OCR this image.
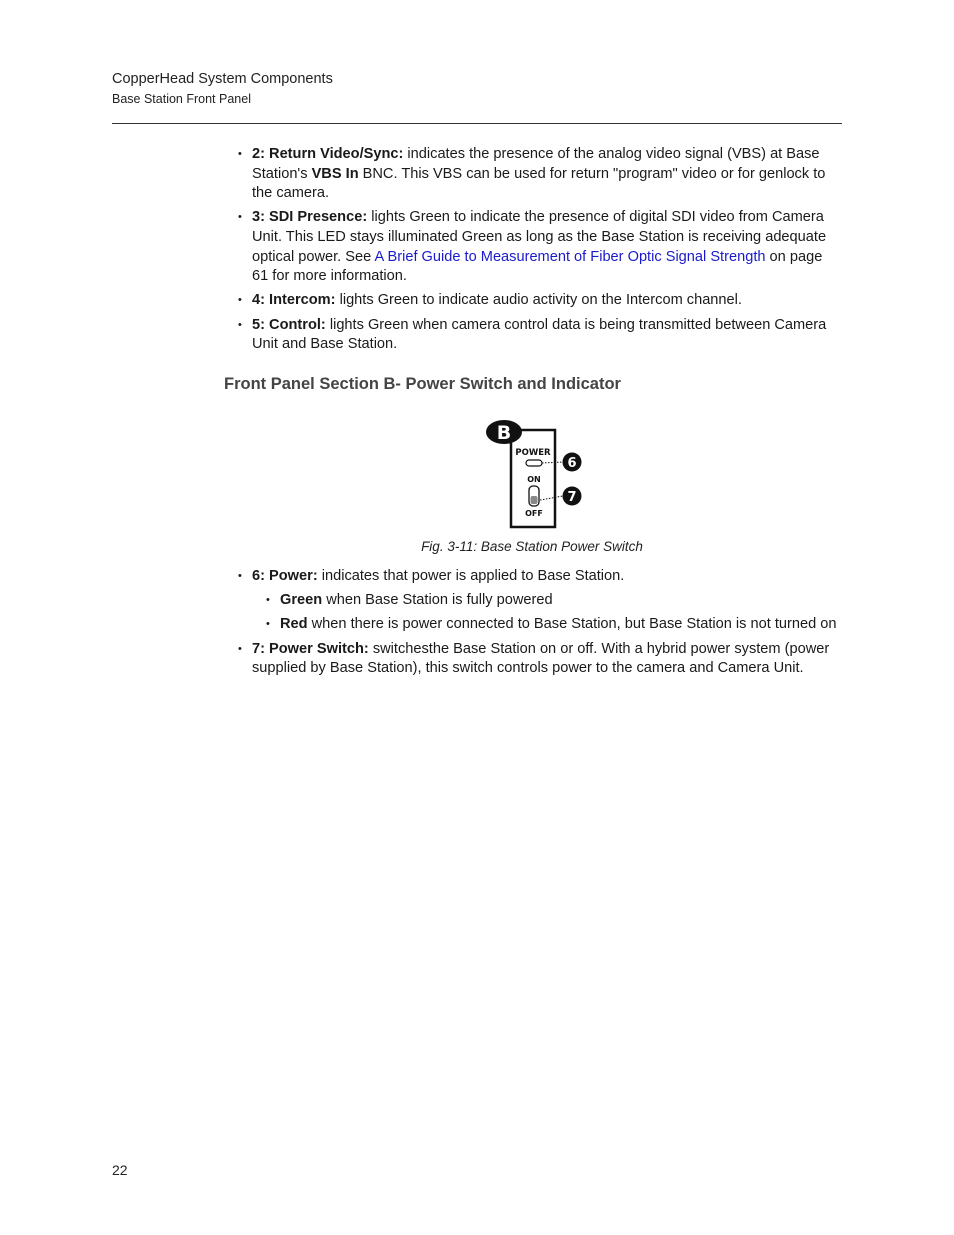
CopperHead System Components
Base Station Front Panel
• 2: Return Video/Sync: indicates the presence of the analog video signal (VBS) at Base Station's VBS In BNC. This VBS can be used for return "program" video or for genlock to the camera.
• 3: SDI Presence: lights Green to indicate the presence of digital SDI video from Camera Unit. This LED stays illuminated Green as long as the Base Station is receiving adequate optical power. See A Brief Guide to Measurement of Fiber Optic Signal Strength on page 61 for more information.
• 4: Intercom: lights Green to indicate audio activity on the Intercom channel.
• 5: Control: lights Green when camera control data is being transmitted between Camera Unit and Base Station.
Front Panel Section B- Power Switch and Indicator
B
POWER
ON
OFF
6
7
Fig. 3-11: Base Station Power Switch
• 6: Power: indicates that power is applied to Base Station.
• Green when Base Station is fully powered
• Red when there is power connected to Base Station, but Base Station is not turned on
• 7: Power Switch: switchesthe Base Station on or off. With a hybrid power system (power supplied by Base Station), this switch controls power to the camera and Camera Unit.
22
